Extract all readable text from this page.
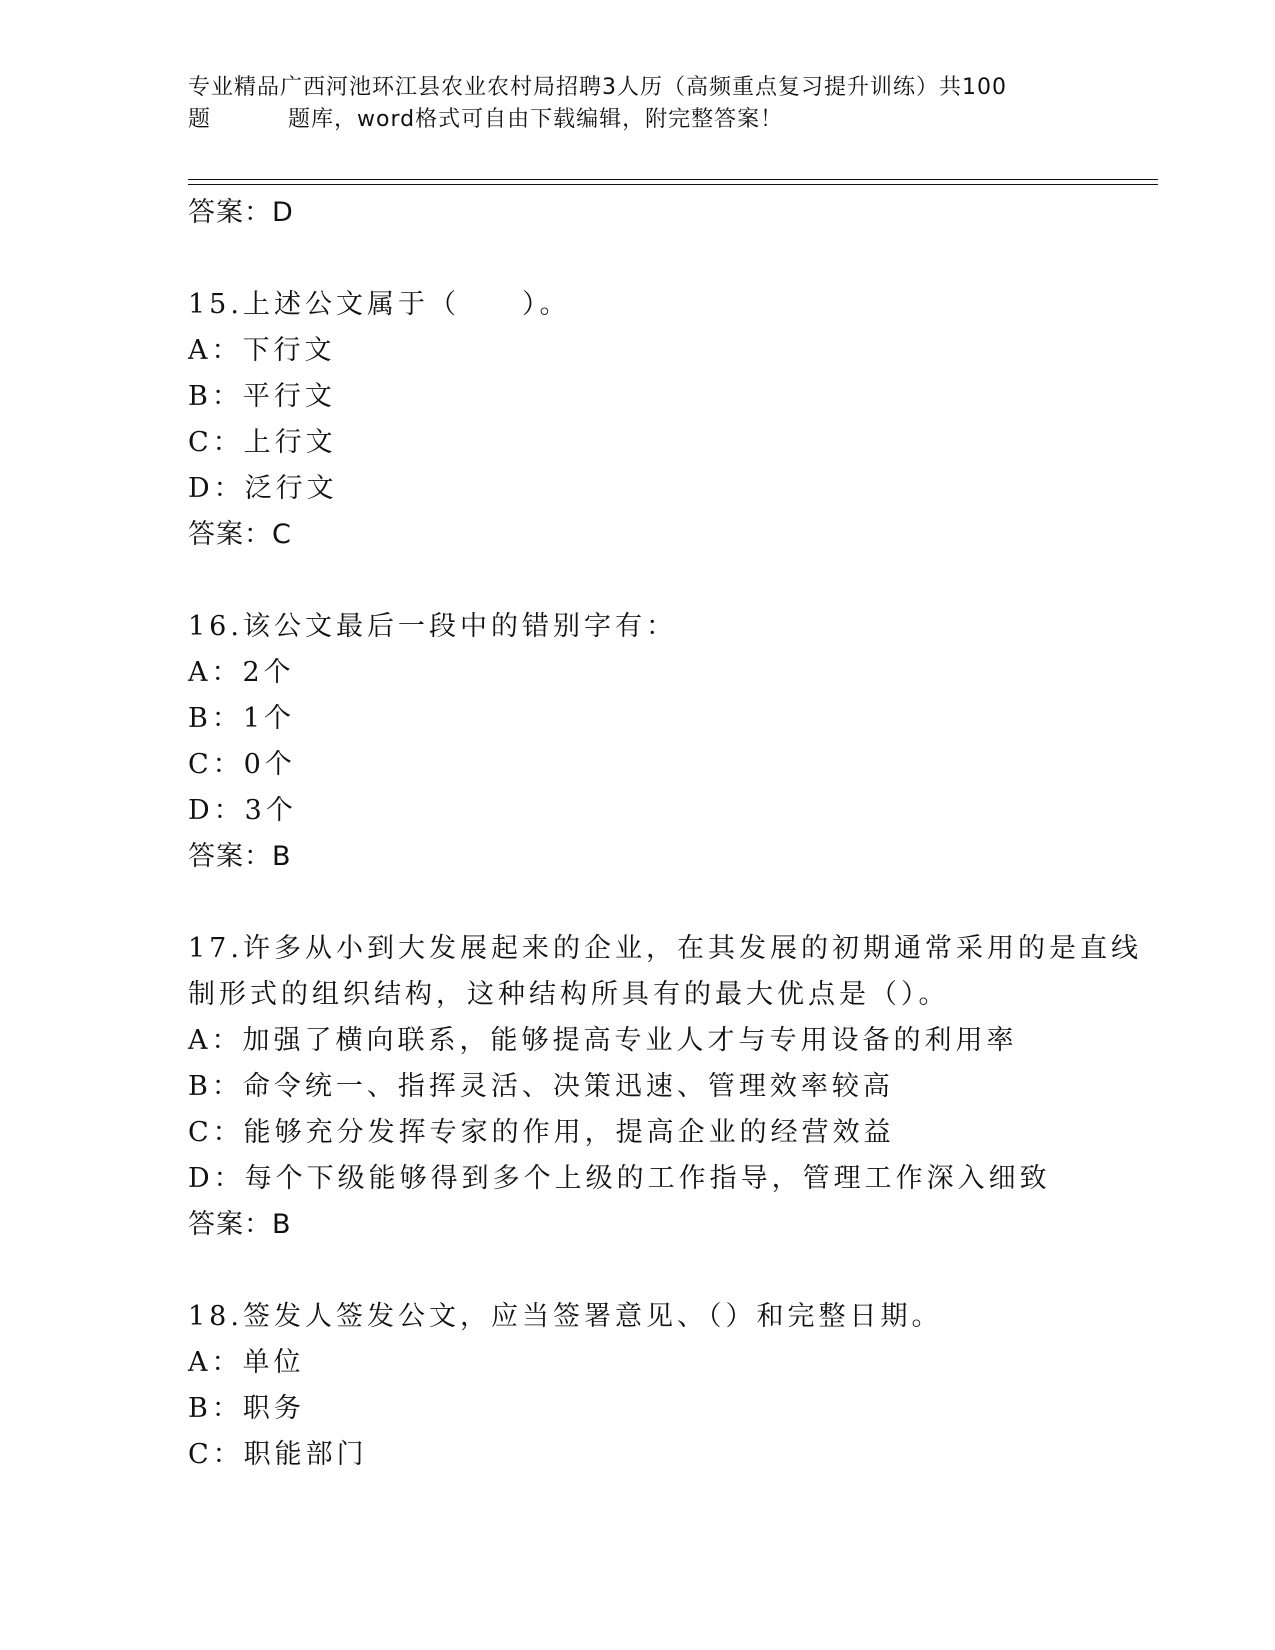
专业精品广西河池环江县农业农村局招聘3人历（高频重点复习提升训练）共100
题	题库，word格式可自由下载编辑，附完整答案！
答案：D
15.上述公文属于（　　）。
A：下行文
B：平行文
C：上行文
D：泛行文
答案：C
16.该公文最后一段中的错别字有：
A：2个
B：1个
C：0个
D：3个
答案：B
17.许多从小到大发展起来的企业，在其发展的初期通常采用的是直线
制形式的组织结构，这种结构所具有的最大优点是（）。
A：加强了横向联系，能够提高专业人才与专用设备的利用率
B：命令统一、指挥灵活、决策迅速、管理效率较高
C：能够充分发挥专家的作用，提高企业的经营效益
D：每个下级能够得到多个上级的工作指导，管理工作深入细致
答案：B
18.签发人签发公文，应当签署意见、（）和完整日期。
A：单位
B：职务
C：职能部门
